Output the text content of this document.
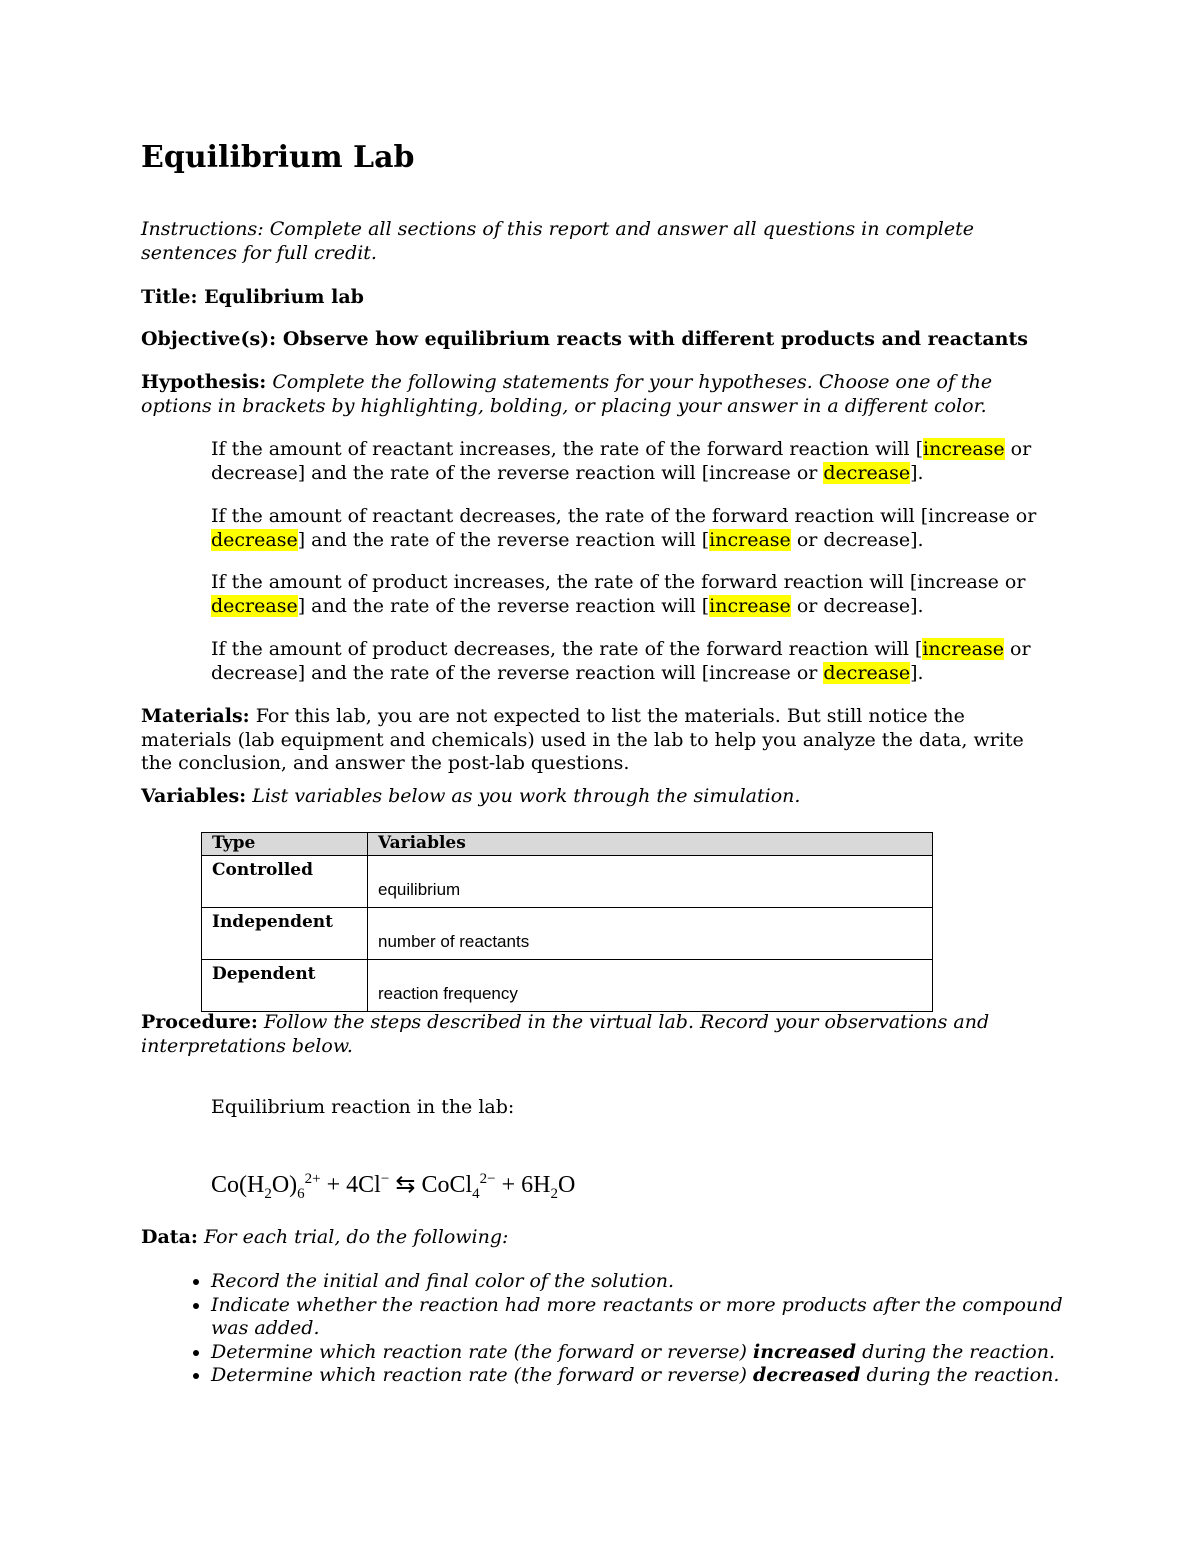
Equilibrium Lab

Instructions: Complete all sections of this report and answer all questions in complete sentences for full credit.

Title: Equlibrium lab

Objective(s): Observe how equilibrium reacts with different products and reactants

Hypothesis: Complete the following statements for your hypotheses. Choose one of the options in brackets by highlighting, bolding, or placing your answer in a different color.

If the amount of reactant increases, the rate of the forward reaction will [increase or decrease] and the rate of the reverse reaction will [increase or decrease].

If the amount of reactant decreases, the rate of the forward reaction will [increase or decrease] and the rate of the reverse reaction will [increase or decrease].

If the amount of product increases, the rate of the forward reaction will [increase or decrease] and the rate of the reverse reaction will [increase or decrease].

If the amount of product decreases, the rate of the forward reaction will [increase or decrease] and the rate of the reverse reaction will [increase or decrease].

Materials: For this lab, you are not expected to list the materials. But still notice the materials (lab equipment and chemicals) used in the lab to help you analyze the data, write the conclusion, and answer the post-lab questions.

Variables: List variables below as you work through the simulation.

Type	Variables
Controlled	equilibrium

Independent	number of reactants

Dependent	reaction frequency

Procedure: Follow the steps described in the virtual lab. Record your observations and interpretations below.

Equilibrium reaction in the lab:

$Co(H_2O)_6^{2+} + 4Cl^-$ ⇆ CoCl$_4^{2-}$ + $6H_2O$

Data: For each trial, do the following:

• Record the initial and final color of the solution.
• Indicate whether the reaction had more reactants or more products after the compound was added.
• Determine which reaction rate (the forward or reverse) increased during the reaction.
• Determine which reaction rate (the forward or reverse) decreased during the reaction.
